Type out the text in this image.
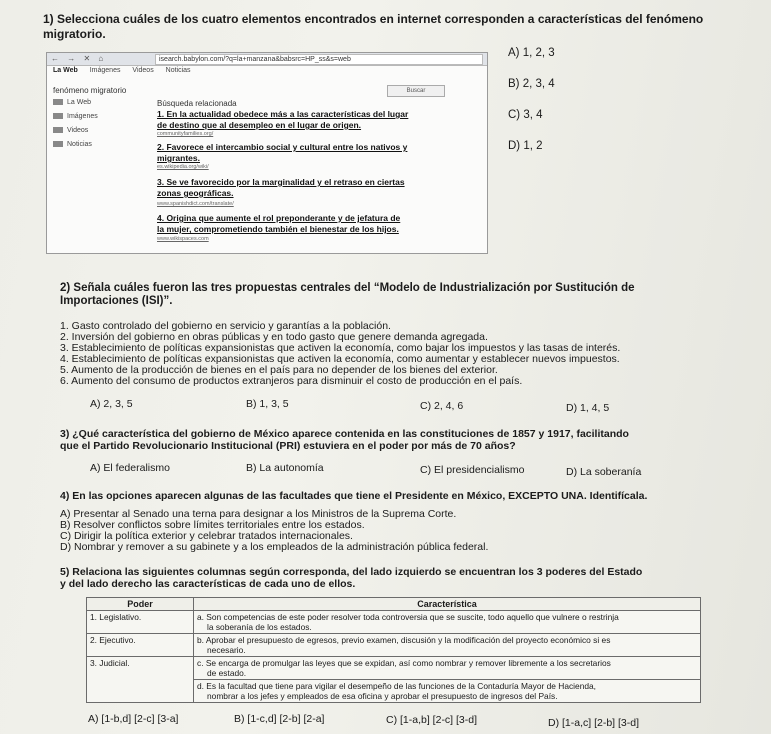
1) Selecciona cuáles de los cuatro elementos encontrados en internet corresponden a características del fenómeno
migratorio.
← → ✕ ⌂	isearch.babylon.com/?q=la+manzana&babsrc=HP_ss&s=web
La Web Imágenes Videos Noticias
fenómeno migratorio	Buscar
La Web
Imágenes
Videos
Noticias
Búsqueda relacionada
1. En la actualidad obedece más a las características del lugar
de destino que al desempleo en el lugar de origen.
communityfamilies.org/
2. Favorece el intercambio social y cultural entre los nativos y
migrantes.
es.wikipedia.org/wiki/
3. Se ve favorecido por la marginalidad y el retraso en ciertas
zonas geográficas.
www.spanishdict.com/translate/
4. Origina que aumente el rol preponderante y de jefatura de
la mujer, comprometiendo también el bienestar de los hijos.
www.wikispaces.com
A) 1, 2, 3
B) 2, 3, 4
C) 3, 4
D) 1, 2
2) Señala cuáles fueron las tres propuestas centrales del “Modelo de Industrialización por Sustitución de
Importaciones (ISI)”.
1. Gasto controlado del gobierno en servicio y garantías a la población.
2. Inversión del gobierno en obras públicas y en todo gasto que genere demanda agregada.
3. Establecimiento de políticas expansionistas que activen la economía, como bajar los impuestos y las tasas de interés.
4. Establecimiento de políticas expansionistas que activen la economía, como aumentar y establecer nuevos impuestos.
5. Aumento de la producción de bienes en el país para no depender de los bienes del exterior.
6. Aumento del consumo de productos extranjeros para disminuir el costo de producción en el país.
A) 2, 3, 5	B) 1, 3, 5	C) 2, 4, 6	D) 1, 4, 5
3) ¿Qué característica del gobierno de México aparece contenida en las constituciones de 1857 y 1917, facilitando
que el Partido Revolucionario Institucional (PRI) estuviera en el poder por más de 70 años?
A) El federalismo	B) La autonomía	C) El presidencialismo	D) La soberanía
4) En las opciones aparecen algunas de las facultades que tiene el Presidente en México, EXCEPTO UNA. Identifícala.
A) Presentar al Senado una terna para designar a los Ministros de la Suprema Corte.
B) Resolver conflictos sobre límites territoriales entre los estados.
C) Dirigir la política exterior y celebrar tratados internacionales.
D) Nombrar y remover a su gabinete y a los empleados de la administración pública federal.
5) Relaciona las siguientes columnas según corresponda, del lado izquierdo se encuentran los 3 poderes del Estado
y del lado derecho las características de cada uno de ellos.
Poder	Característica
1. Legislativo.	a. Son competencias de este poder resolver toda controversia que se suscite, todo aquello que vulnere o restrinja
la soberanía de los estados.

2. Ejecutivo.	b. Aprobar el presupuesto de egresos, previo examen, discusión y la modificación del proyecto económico si es
necesario.

3. Judicial.	c. Se encarga de promulgar las leyes que se expidan, así como nombrar y remover libremente a los secretarios
de estado.

	d. Es la facultad que tiene para vigilar el desempeño de las funciones de la Contaduría Mayor de Hacienda,
nombrar a los jefes y empleados de esa oficina y aprobar el presupuesto de ingresos del País.
A) [1-b,d] [2-c] [3-a]	B) [1-c,d] [2-b] [2-a]	C) [1-a,b] [2-c] [3-d]	D) [1-a,c] [2-b] [3-d]
